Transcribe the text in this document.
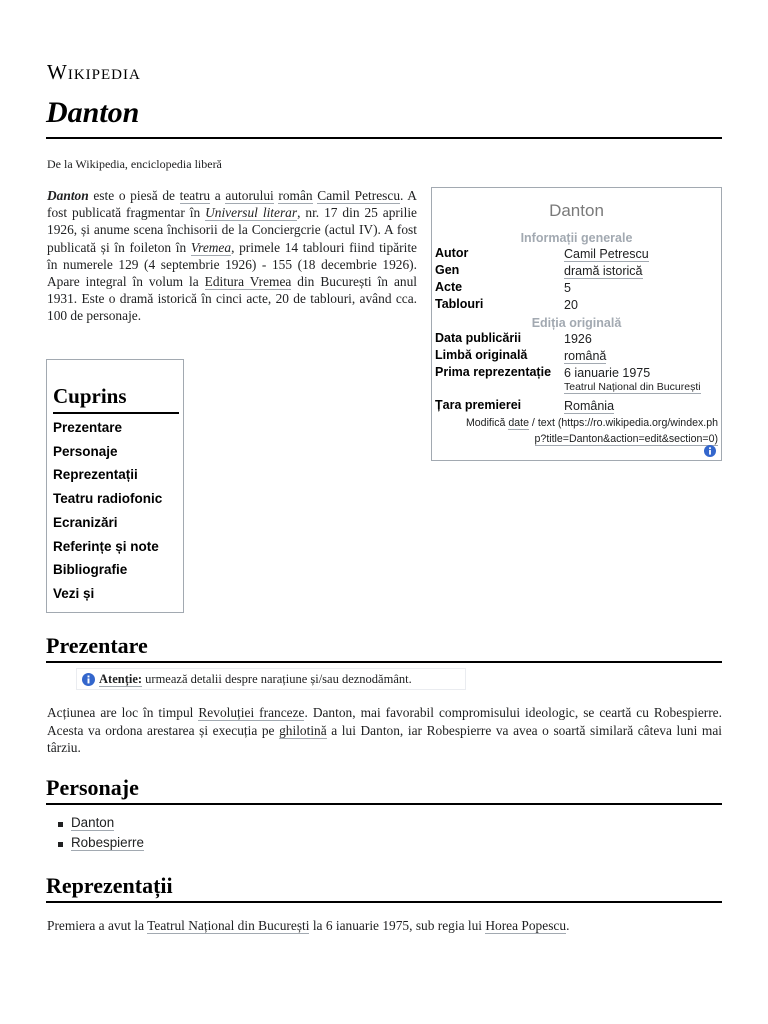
Wikipedia
Danton
De la Wikipedia, enciclopedia liberă

Danton este o piesă de teatru a autorului român Camil Petrescu. A fost publicată fragmentar în Universul literar, nr. 17 din 25 aprilie 1926, și anume scena închisorii de la Conciergcrie (actul IV). A fost publicată și în foileton în Vremea, primele 14 tablouri fiind tipărite în numerele 129 (4 septembrie 1926) - 155 (18 decembrie 1926). Apare integral în volum la Editura Vremea din București în anul 1931. Este o dramă istorică în cinci acte, 20 de tablouri, având cca. 100 de personaje.

Danton
Informații generale
Autor	Camil Petrescu
Gen	dramă istorică
Acte	5
Tablouri	20
Ediția originală
Data publicării	1926
Limbă originală	română
Prima reprezentație 6 ianuarie 1975
Teatrul Național din București
Țara premierei	România
Modifică date / text (https://ro.wikipedia.org/windex.ph
p?title=Danton&action=edit&section=0)
Cuprins
Prezentare
Personaje
Reprezentații
Teatru radiofonic
Ecranizări
Referințe și note
Bibliografie
Vezi și
Prezentare
Atenție: urmează detalii despre narațiune și/sau deznodământ.

Acțiunea are loc în timpul Revoluției franceze. Danton, mai favorabil compromisului ideologic, se ceartă cu Robespierre. Acesta va ordona arestarea și execuția pe ghilotină a lui Danton, iar Robespierre va avea o soartă similară câteva luni mai târziu.

Personaje
Danton
Robespierre
Reprezentații

Premiera a avut la Teatrul Național din București la 6 ianuarie 1975, sub regia lui Horea Popescu.
